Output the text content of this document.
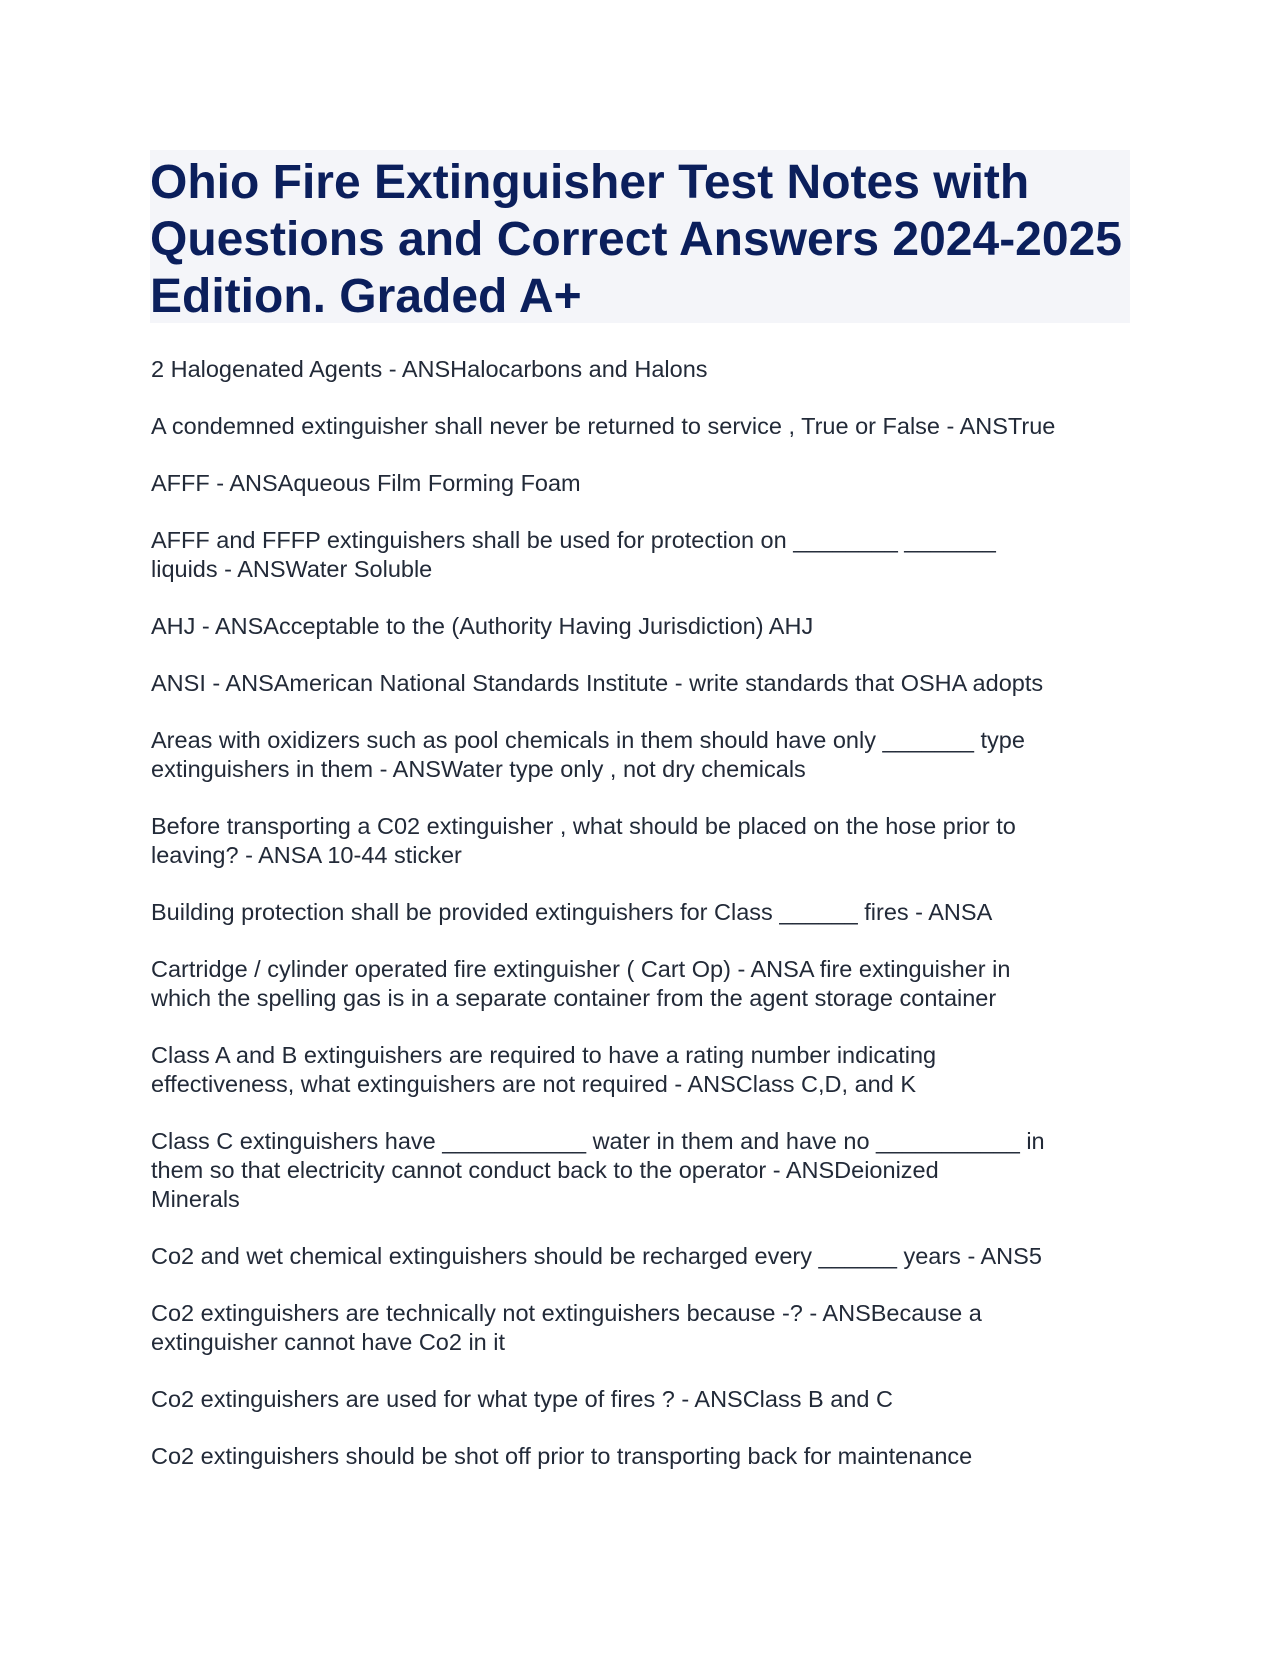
Ohio Fire Extinguisher Test Notes with Questions and Correct Answers 2024-2025 Edition. Graded A+
2 Halogenated Agents - ANSHalocarbons and Halons
A condemned extinguisher shall never be returned to service , True or False - ANSTrue
AFFF - ANSAqueous Film Forming Foam
AFFF and FFFP extinguishers shall be used for protection on ________ _______
liquids - ANSWater Soluble
AHJ - ANSAcceptable to the (Authority Having Jurisdiction) AHJ
ANSI - ANSAmerican National Standards Institute - write standards that OSHA adopts
Areas with oxidizers such as pool chemicals in them should have only _______ type
extinguishers in them - ANSWater type only , not dry chemicals
Before transporting a C02 extinguisher , what should be placed on the hose prior to
leaving? - ANSA 10-44 sticker
Building protection shall be provided extinguishers for Class ______ fires - ANSA
Cartridge / cylinder operated fire extinguisher ( Cart Op) - ANSA fire extinguisher in
which the spelling gas is in a separate container from the agent storage container
Class A and B extinguishers are required to have a rating number indicating
effectiveness, what extinguishers are not required - ANSClass C,D, and K
Class C extinguishers have ___________ water in them and have no ___________ in
them so that electricity cannot conduct back to the operator - ANSDeionized
Minerals
Co2 and wet chemical extinguishers should be recharged every ______ years - ANS5
Co2 extinguishers are technically not extinguishers because -? - ANSBecause a
extinguisher cannot have Co2 in it
Co2 extinguishers are used for what type of fires ? - ANSClass B and C
Co2 extinguishers should be shot off prior to transporting back for maintenance
